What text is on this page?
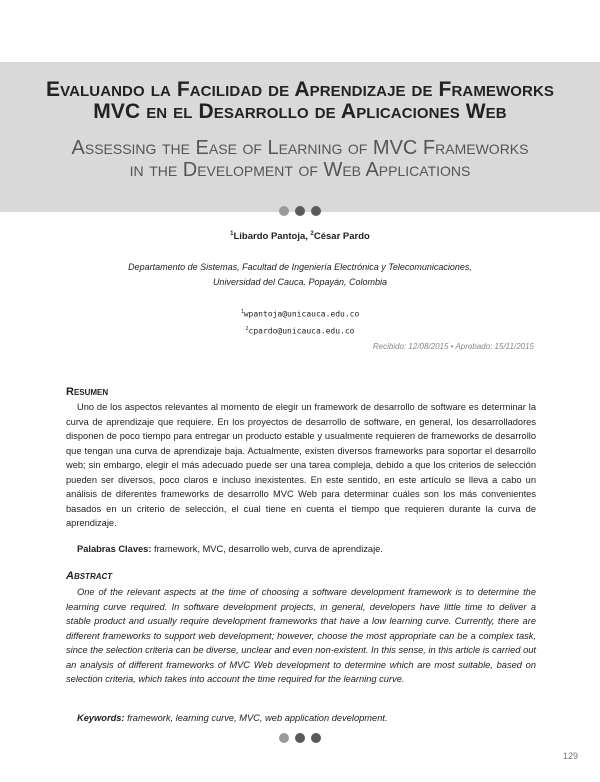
Evaluando la Facilidad de Aprendizaje de Frameworks
MVC en el Desarrollo de Aplicaciones Web
Assessing the Ease of Learning of MVC Frameworks
in the Development of Web Applications

$^1$Libardo Pantoja, $^2$César Pardo
Departamento de Sistemas, Facultad de Ingeniería Electrónica y Telecomunicaciones,
Universidad del Cauca. Popayán, Colombia
$^1$wpantoja@unicauca.edu.co
$^2$cpardo@unicauca.edu.co
Recibido: 12/08/2015 • Aprobado: 15/11/2015
Resumen
Uno de los aspectos relevantes al momento de elegir un framework de desarrollo de software es determinar la curva de aprendizaje que requiere. En los proyectos de desarrollo de software, en general, los desarrolladores disponen de poco tiempo para entregar un producto estable y usualmente requieren de frameworks de desarrollo que tengan una curva de aprendizaje baja. Actualmente, existen diversos frameworks para soportar el desarrollo web; sin embargo, elegir el más adecuado puede ser una tarea compleja, debido a que los criterios de selección pueden ser diversos, poco claros e incluso inexistentes. En este sentido, en este artículo se lleva a cabo un análisis de diferentes frameworks de desarrollo MVC Web para determinar cuáles son los más convenientes basados en un criterio de selección, el cual tiene en cuenta el tiempo que requieren durante la curva de aprendizaje.
Palabras Claves: framework, MVC, desarrollo web, curva de aprendizaje.
Abstract
One of the relevant aspects at the time of choosing a software development framework is to determine the learning curve required. In software development projects, in general, developers have little time to deliver a stable product and usually require development frameworks that have a low learning curve. Currently, there are different frameworks to support web development; however, choose the most appropriate can be a complex task, since the selection criteria can be diverse, unclear and even non-existent. In this sense, in this article is carried out an analysis of different frameworks of MVC Web development to determine which are most suitable, based on selection criteria, which takes into account the time required for the learning curve.
Keywords: framework, learning curve, MVC, web application development.

129
